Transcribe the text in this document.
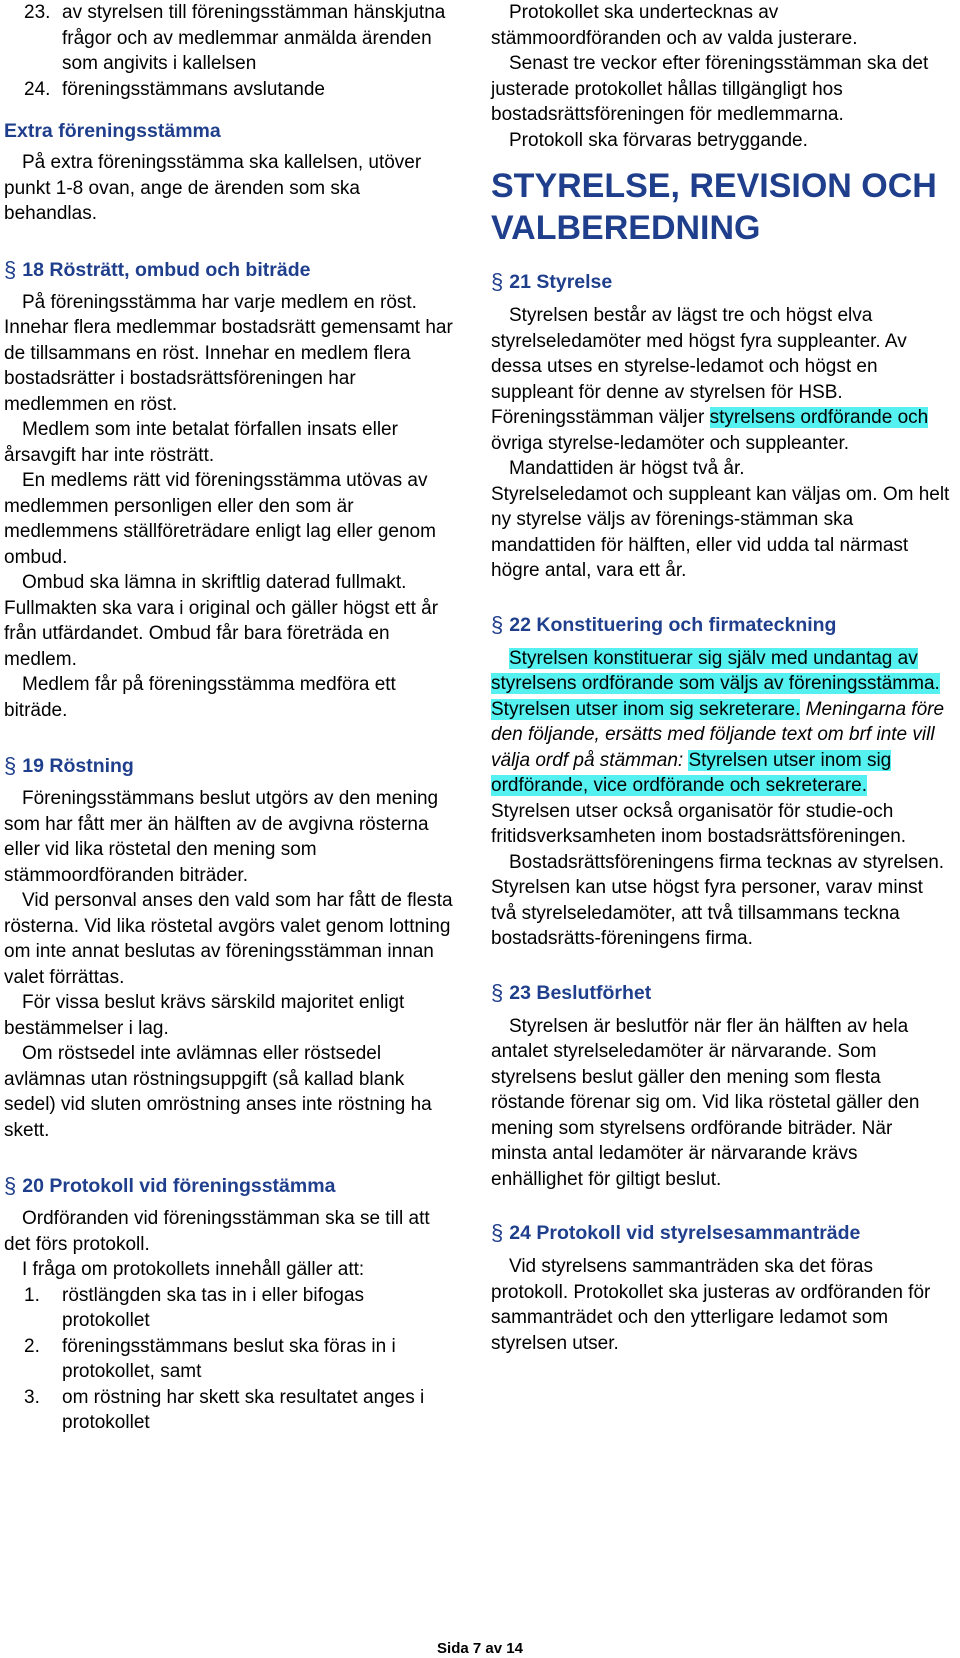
23. av styrelsen till föreningsstämman hänskjutna frågor och av medlemmar anmälda ärenden som angivits i kallelsen
24. föreningsstämmans avslutande
Extra föreningsstämma

På extra föreningsstämma ska kallelsen, utöver punkt 1-8 ovan, ange de ärenden som ska behandlas.

§ 18 Rösträtt, ombud och biträde

På föreningsstämma har varje medlem en röst. Innehar flera medlemmar bostadsrätt gemensamt har de tillsammans en röst. Innehar en medlem flera bostadsrätter i bostadsrättsföreningen har medlemmen en röst.

Medlem som inte betalat förfallen insats eller årsavgift har inte rösträtt.

En medlems rätt vid föreningsstämma utövas av medlemmen personligen eller den som är medlemmens ställföreträdare enligt lag eller genom ombud.

Ombud ska lämna in skriftlig daterad fullmakt. Fullmakten ska vara i original och gäller högst ett år från utfärdandet. Ombud får bara företräda en medlem.

Medlem får på föreningsstämma medföra ett biträde.

§ 19 Röstning

Föreningsstämmans beslut utgörs av den mening som har fått mer än hälften av de avgivna rösterna eller vid lika röstetal den mening som stämmoordföranden biträder.

Vid personval anses den vald som har fått de flesta rösterna. Vid lika röstetal avgörs valet genom lottning om inte annat beslutas av föreningsstämman innan valet förrättas.

För vissa beslut krävs särskild majoritet enligt bestämmelser i lag.

Om röstsedel inte avlämnas eller röstsedel avlämnas utan röstningsuppgift (så kallad blank sedel) vid sluten omröstning anses inte röstning ha skett.

§ 20 Protokoll vid föreningsstämma

Ordföranden vid föreningsstämman ska se till att det förs protokoll.

I fråga om protokollets innehåll gäller att:

1.	röstlängden ska tas in i eller bifogas protokollet
2.	föreningsstämmans beslut ska föras in i protokollet, samt
3.	om röstning har skett ska resultatet anges i protokollet

Protokollet ska undertecknas av stämmoordföranden och av valda justerare.

Senast tre veckor efter föreningsstämman ska det justerade protokollet hållas tillgängligt hos bostadsrättsföreningen för medlemmarna.

Protokoll ska förvaras betryggande.

STYRELSE, REVISION OCH VALBEREDNING
§ 21 Styrelse

Styrelsen består av lägst tre och högst elva styrelseledamöter med högst fyra suppleanter. Av dessa utses en styrelse-ledamot och högst en suppleant för denne av styrelsen för HSB. Föreningsstämman väljer styrelsens ordförande och övriga styrelse-ledamöter och suppleanter.

Mandattiden är högst två år.

Styrelseledamot och suppleant kan väljas om. Om helt ny styrelse väljs av förenings-stämman ska mandattiden för hälften, eller vid udda tal närmast högre antal, vara ett år.

§ 22 Konstituering och firmateckning

Styrelsen konstituerar sig själv med undantag av styrelsens ordförande som väljs av föreningsstämma. Styrelsen utser inom sig sekreterare. Meningarna före den följande, ersätts med följande text om brf inte vill välja ordf på stämman: Styrelsen utser inom sig ordförande, vice ordförande och sekreterare. Styrelsen utser också organisatör för studie-och fritidsverksamheten inom bostadsrättsföreningen.

Bostadsrättsföreningens firma tecknas av styrelsen. Styrelsen kan utse högst fyra personer, varav minst två styrelseledamöter, att två tillsammans teckna bostadsrätts-föreningens firma.

§ 23 Beslutförhet

Styrelsen är beslutför när fler än hälften av hela antalet styrelseledamöter är närvarande. Som styrelsens beslut gäller den mening som flesta röstande förenar sig om. Vid lika röstetal gäller den mening som styrelsens ordförande biträder. När minsta antal ledamöter är närvarande krävs enhällighet för giltigt beslut.

§ 24 Protokoll vid styrelsesammanträde

Vid styrelsens sammanträden ska det föras protokoll. Protokollet ska justeras av ordföranden för sammanträdet och den ytterligare ledamot som styrelsen utser.

Sida 7 av 14
